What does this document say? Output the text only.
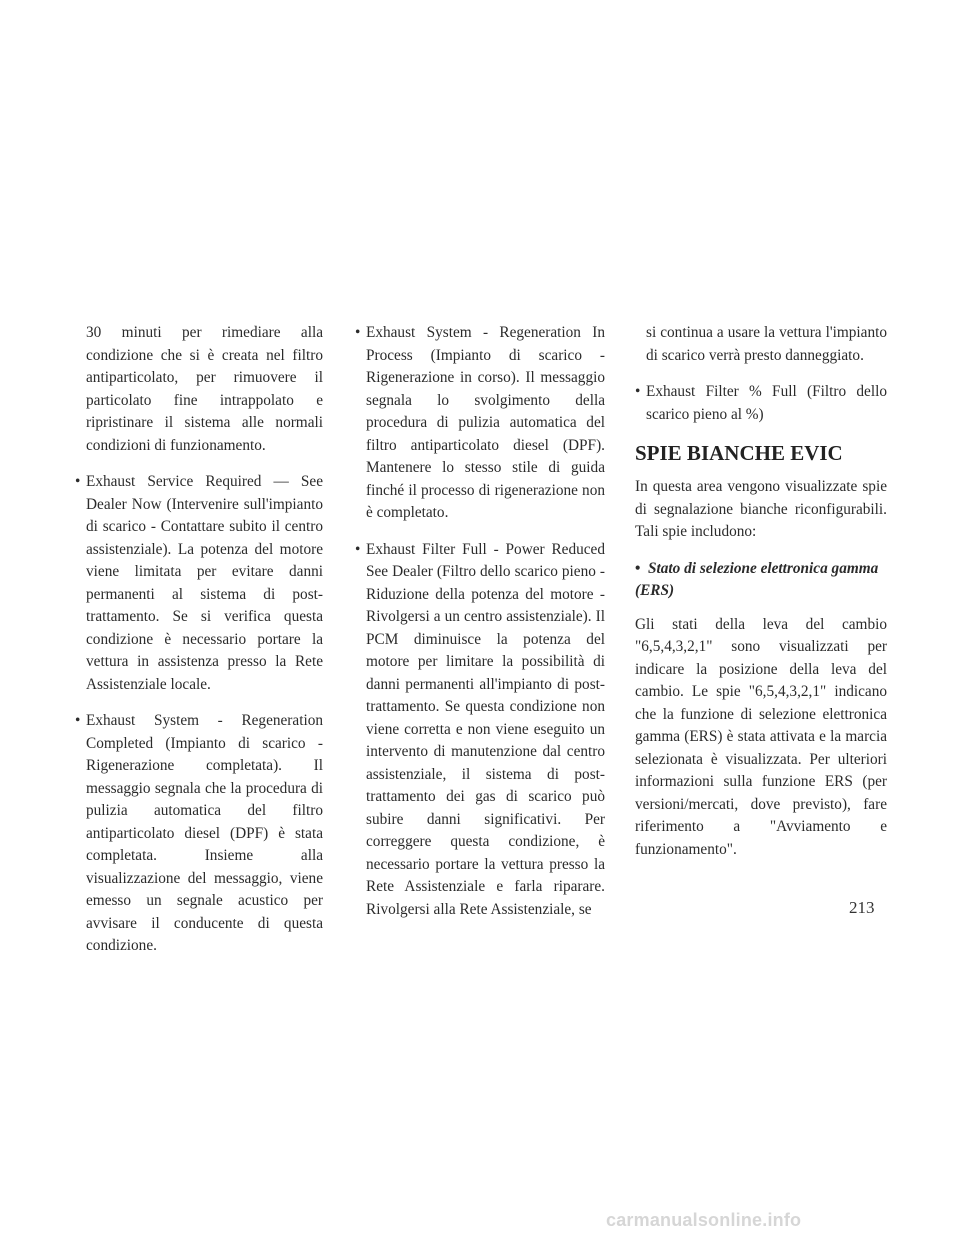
30 minuti per rimediare alla condizione che si è creata nel filtro antiparticolato, per rimuovere il particolato fine intrappolato e ripristinare il sistema alle normali condizioni di funzionamento.

• Exhaust Service Required — See Dealer Now (Intervenire sull'impianto di scarico - Contattare subito il centro assistenziale). La potenza del motore viene limitata per evitare danni permanenti al sistema di post-trattamento. Se si verifica questa condizione è necessario portare la vettura in assistenza presso la Rete Assistenziale locale.

• Exhaust System - Regeneration Completed (Impianto di scarico - Rigenerazione completata). Il messaggio segnala che la procedura di pulizia automatica del filtro antiparticolato diesel (DPF) è stata completata. Insieme alla visualizzazione del messaggio, viene emesso un segnale acustico per avvisare il conducente di questa condizione.

• Exhaust System - Regeneration In Process (Impianto di scarico - Rigenerazione in corso). Il messaggio segnala lo svolgimento della procedura di pulizia automatica del filtro antiparticolato diesel (DPF). Mantenere lo stesso stile di guida finché il processo di rigenerazione non è completato.

• Exhaust Filter Full - Power Reduced See Dealer (Filtro dello scarico pieno - Riduzione della potenza del motore - Rivolgersi a un centro assistenziale). Il PCM diminuisce la potenza del motore per limitare la possibilità di danni permanenti all'impianto di post-trattamento. Se questa condizione non viene corretta e non viene eseguito un intervento di manutenzione dal centro assistenziale, il sistema di post-trattamento dei gas di scarico può subire danni significativi. Per correggere questa condizione, è necessario portare la vettura presso la Rete Assistenziale e farla riparare. Rivolgersi alla Rete Assistenziale, se

si continua a usare la vettura l'impianto di scarico verrà presto danneggiato.

• Exhaust Filter % Full (Filtro dello scarico pieno al %)

SPIE BIANCHE EVIC

In questa area vengono visualizzate spie di segnalazione bianche riconfigurabili. Tali spie includono:

• Stato di selezione elettronica gamma (ERS)

Gli stati della leva del cambio "6,5,4,3,2,1" sono visualizzati per indicare la posizione della leva del cambio. Le spie "6,5,4,3,2,1" indicano che la funzione di selezione elettronica gamma (ERS) è stata attivata e la marcia selezionata è visualizzata. Per ulteriori informazioni sulla funzione ERS (per versioni/mercati, dove previsto), fare riferimento a "Avviamento e funzionamento".

213
carmanualsonline.info
